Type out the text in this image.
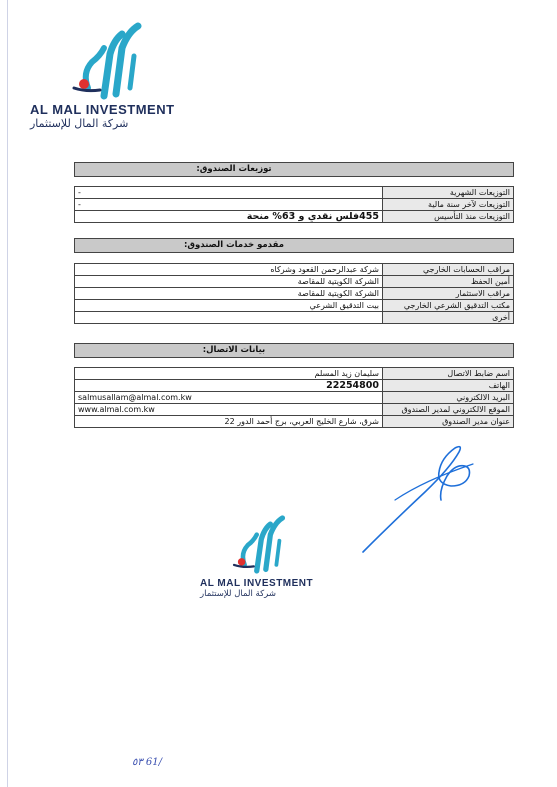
AL MAL INVESTMENT
شركة المال للإستثمار
توزيعات الصندوق:
-	التوزيعات الشهرية
-	التوزيعات لآخر سنة مالية
455فلس نقدي و 63% منحة	التوزيعات منذ التأسيس
مقدمو خدمات الصندوق:
شركة عبدالرحمن القعود وشركاه	مراقب الحسابات الخارجي
الشركة الكويتية للمقاصة	أمين الحفظ
الشركة الكويتية للمقاصة	مراقب الاستثمار
بيت التدقيق الشرعي	مكتب التدقيق الشرعي الخارجي
	أخرى
بيانات الاتصال:
سليمان زيد المسلم	اسم ضابط الاتصال
22254800	الهاتف
salmusallam@almal.com.kw	البريد الالكتروني
www.almal.com.kw	الموقع الالكتروني لمدير الصندوق
شرق، شارع الخليج العربي، برج أحمد الدور 22	عنوان مدير الصندوق
AL MAL INVESTMENT
شركة المال للإستثمار
٥٣ 61/
